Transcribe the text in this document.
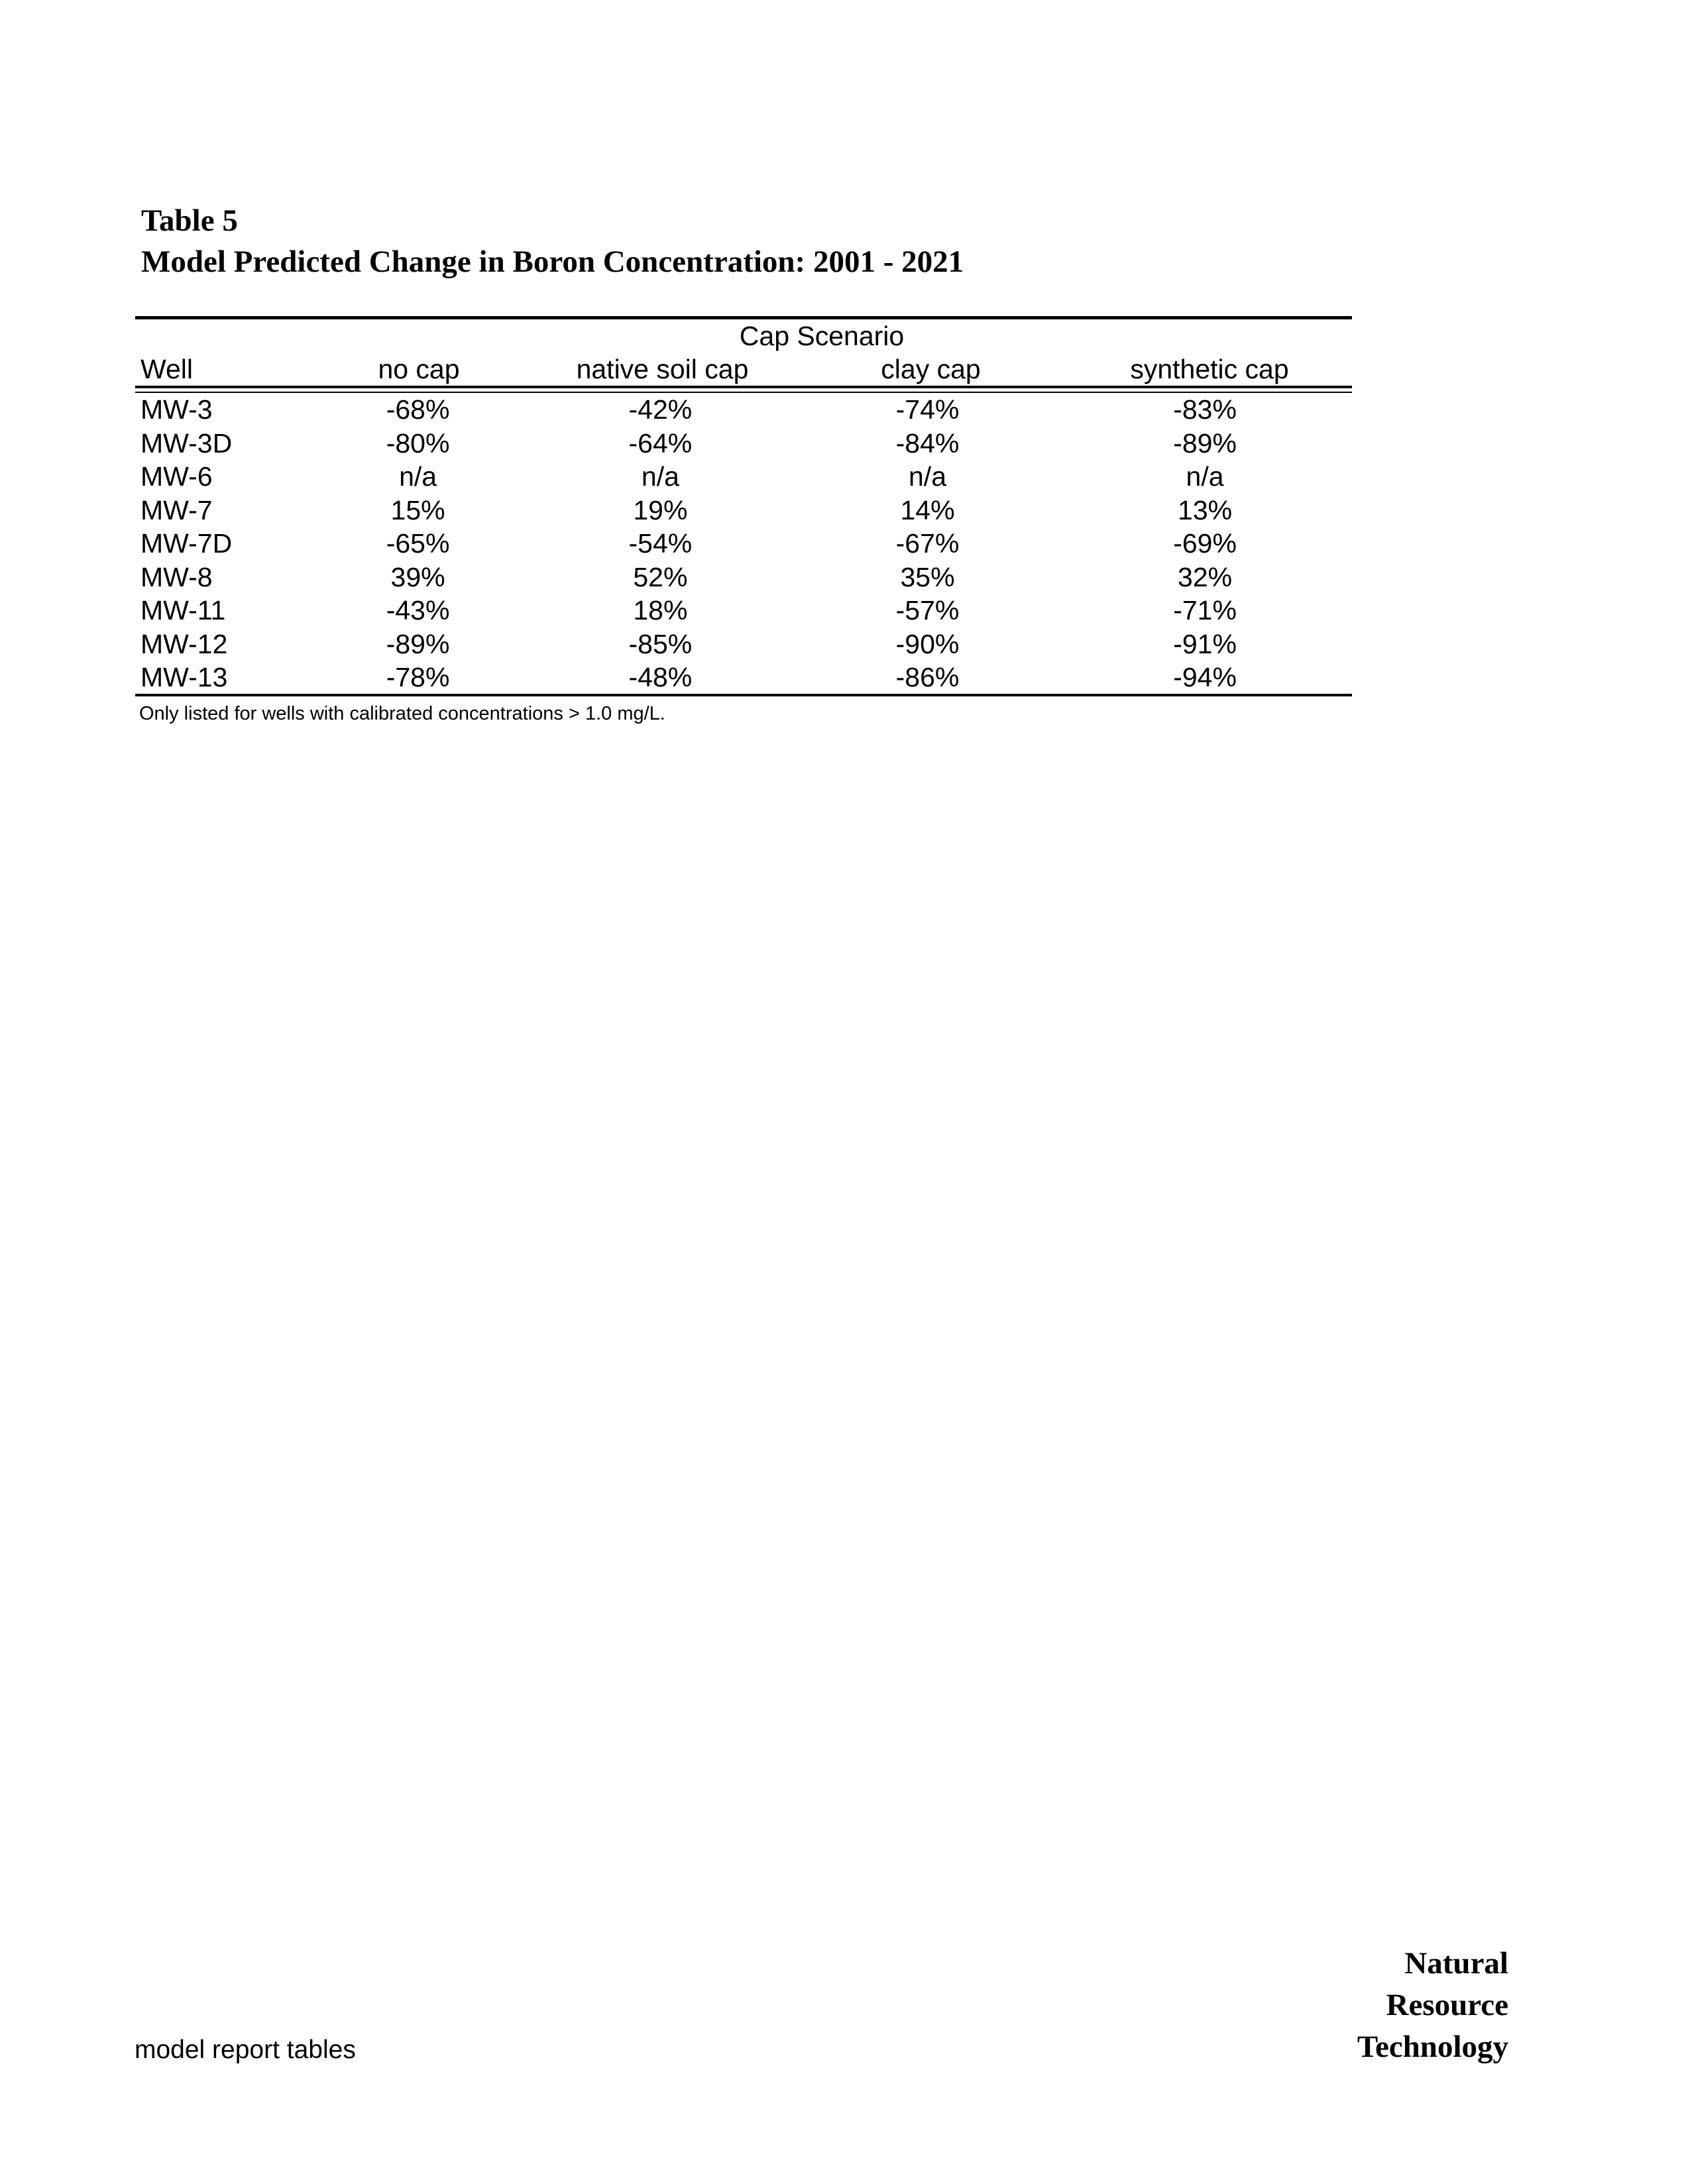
Table 5
Model Predicted Change in Boron Concentration: 2001 - 2021
Cap Scenario
Well	no cap	native soil cap	clay cap	synthetic cap
MW-3	-68%	-42%	-74%	-83%
MW-3D	-80%	-64%	-84%	-89%
MW-6	n/a	n/a	n/a	n/a
MW-7	15%	19%	14%	13%
MW-7D	-65%	-54%	-67%	-69%
MW-8	39%	52%	35%	32%
MW-11	-43%	18%	-57%	-71%
MW-12	-89%	-85%	-90%	-91%
MW-13	-78%	-48%	-86%	-94%
Only listed for wells with calibrated concentrations > 1.0 mg/L.
model report tables
Natural
Resource
Technology
